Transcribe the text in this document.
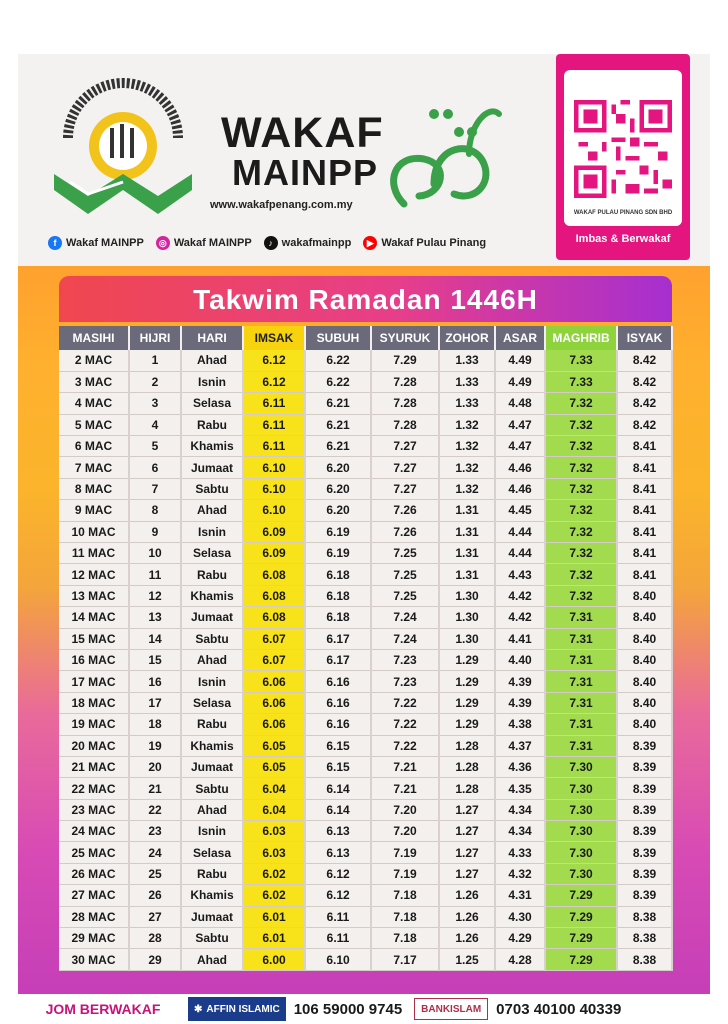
WAKAF
MAINPP
www.wakafpenang.com.my
f Wakaf MAINPP	◎ Wakaf MAINPP	♪ wakafmainpp	▶ Wakaf Pulau Pinang
WAKAF PULAU PINANG SDN BHD
Imbas & Berwakaf
Takwim Ramadan 1446H
MASIHI	HIJRI	HARI	IMSAK	SUBUH	SYURUK	ZOHOR	ASAR	MAGHRIB	ISYAK
2 MAC	1	Ahad	6.12	6.22	7.29	1.33	4.49	7.33	8.42
3 MAC	2	Isnin	6.12	6.22	7.28	1.33	4.49	7.33	8.42
4 MAC	3	Selasa	6.11	6.21	7.28	1.33	4.48	7.32	8.42
5 MAC	4	Rabu	6.11	6.21	7.28	1.32	4.47	7.32	8.42
6 MAC	5	Khamis	6.11	6.21	7.27	1.32	4.47	7.32	8.41
7 MAC	6	Jumaat	6.10	6.20	7.27	1.32	4.46	7.32	8.41
8 MAC	7	Sabtu	6.10	6.20	7.27	1.32	4.46	7.32	8.41
9 MAC	8	Ahad	6.10	6.20	7.26	1.31	4.45	7.32	8.41
10 MAC	9	Isnin	6.09	6.19	7.26	1.31	4.44	7.32	8.41
11 MAC	10	Selasa	6.09	6.19	7.25	1.31	4.44	7.32	8.41
12 MAC	11	Rabu	6.08	6.18	7.25	1.31	4.43	7.32	8.41
13 MAC	12	Khamis	6.08	6.18	7.25	1.30	4.42	7.32	8.40
14 MAC	13	Jumaat	6.08	6.18	7.24	1.30	4.42	7.31	8.40
15 MAC	14	Sabtu	6.07	6.17	7.24	1.30	4.41	7.31	8.40
16 MAC	15	Ahad	6.07	6.17	7.23	1.29	4.40	7.31	8.40
17 MAC	16	Isnin	6.06	6.16	7.23	1.29	4.39	7.31	8.40
18 MAC	17	Selasa	6.06	6.16	7.22	1.29	4.39	7.31	8.40
19 MAC	18	Rabu	6.06	6.16	7.22	1.29	4.38	7.31	8.40
20 MAC	19	Khamis	6.05	6.15	7.22	1.28	4.37	7.31	8.39
21 MAC	20	Jumaat	6.05	6.15	7.21	1.28	4.36	7.30	8.39
22 MAC	21	Sabtu	6.04	6.14	7.21	1.28	4.35	7.30	8.39
23 MAC	22	Ahad	6.04	6.14	7.20	1.27	4.34	7.30	8.39
24 MAC	23	Isnin	6.03	6.13	7.20	1.27	4.34	7.30	8.39
25 MAC	24	Selasa	6.03	6.13	7.19	1.27	4.33	7.30	8.39
26 MAC	25	Rabu	6.02	6.12	7.19	1.27	4.32	7.30	8.39
27 MAC	26	Khamis	6.02	6.12	7.18	1.26	4.31	7.29	8.39
28 MAC	27	Jumaat	6.01	6.11	7.18	1.26	4.30	7.29	8.38
29 MAC	28	Sabtu	6.01	6.11	7.18	1.26	4.29	7.29	8.38
30 MAC	29	Ahad	6.00	6.10	7.17	1.25	4.28	7.29	8.38
JOM BERWAKAF	✱ AFFIN ISLAMIC 106 59000 9745 BANKISLAM 0703 40100 40339
